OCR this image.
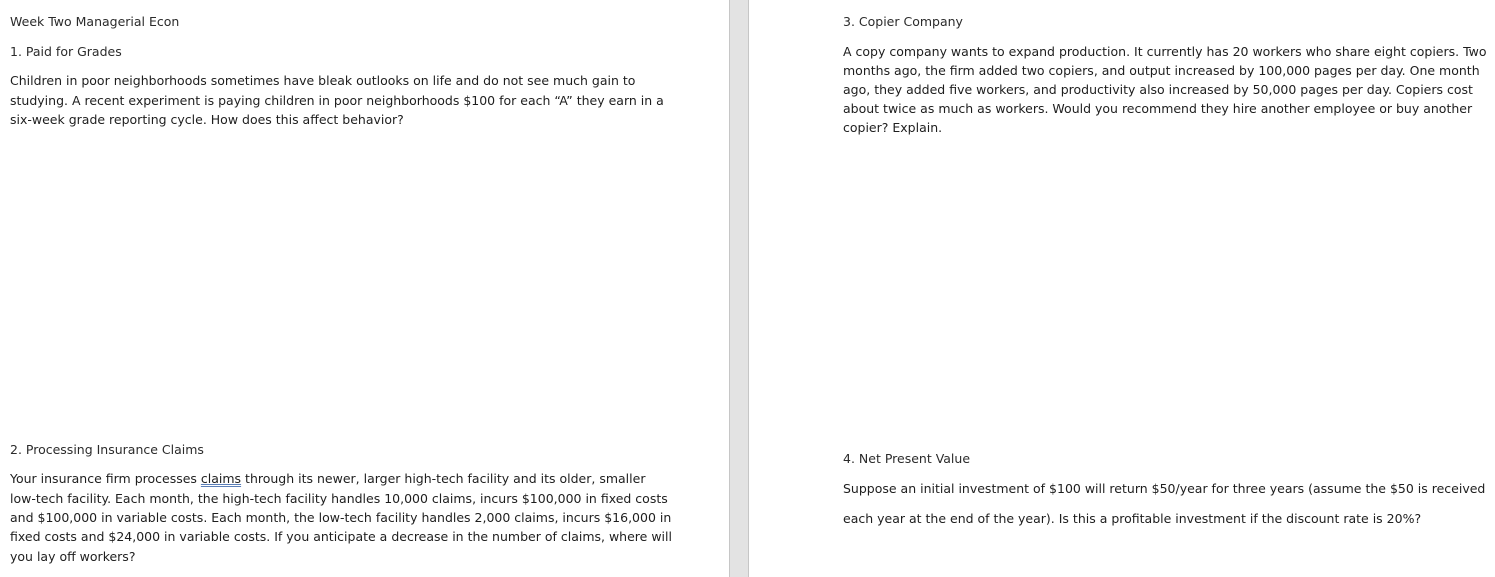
Week Two Managerial Econ

1. Paid for Grades

Children in poor neighborhoods sometimes have bleak outlooks on life and do not see much gain to

studying. A recent experiment is paying children in poor neighborhoods $100 for each “A” they earn in a

six-week grade reporting cycle. How does this affect behavior?

2. Processing Insurance Claims

Your insurance firm processes claims through its newer, larger high-tech facility and its older, smaller

low-tech facility. Each month, the high-tech facility handles 10,000 claims, incurs $100,000 in fixed costs

and $100,000 in variable costs. Each month, the low-tech facility handles 2,000 claims, incurs $16,000 in

fixed costs and $24,000 in variable costs. If you anticipate a decrease in the number of claims, where will

you lay off workers?

3. Copier Company

A copy company wants to expand production. It currently has 20 workers who share eight copiers. Two

months ago, the firm added two copiers, and output increased by 100,000 pages per day. One month

ago, they added five workers, and productivity also increased by 50,000 pages per day. Copiers cost

about twice as much as workers. Would you recommend they hire another employee or buy another

copier? Explain.

4. Net Present Value

Suppose an initial investment of $100 will return $50/year for three years (assume the $50 is received

each year at the end of the year). Is this a profitable investment if the discount rate is 20%?
